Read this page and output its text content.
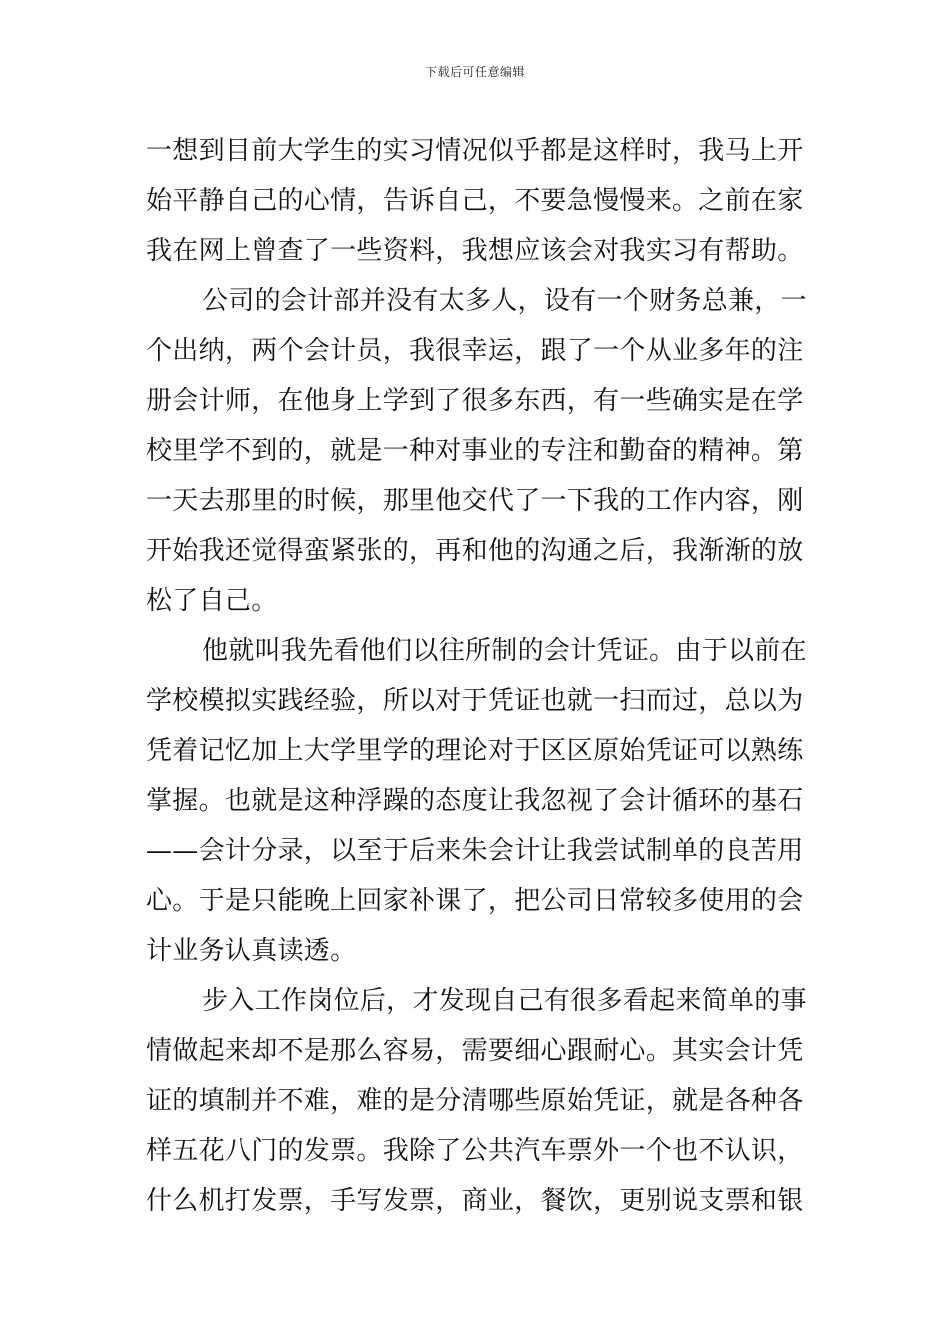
下载后可任意编辑
一想到目前大学生的实习情况似乎都是这样时，我马上开
始平静自己的心情，告诉自己，不要急慢慢来。之前在家
我在网上曾查了一些资料，我想应该会对我实习有帮助。
公司的会计部并没有太多人，设有一个财务总兼，一
个出纳，两个会计员，我很幸运，跟了一个从业多年的注
册会计师，在他身上学到了很多东西，有一些确实是在学
校里学不到的，就是一种对事业的专注和勤奋的精神。第
一天去那里的时候，那里他交代了一下我的工作内容，刚
开始我还觉得蛮紧张的，再和他的沟通之后，我渐渐的放
松了自己。
他就叫我先看他们以往所制的会计凭证。由于以前在
学校模拟实践经验，所以对于凭证也就一扫而过，总以为
凭着记忆加上大学里学的理论对于区区原始凭证可以熟练
掌握。也就是这种浮躁的态度让我忽视了会计循环的基石
——会计分录，以至于后来朱会计让我尝试制单的良苦用
心。于是只能晚上回家补课了，把公司日常较多使用的会
计业务认真读透。
步入工作岗位后，才发现自己有很多看起来简单的事
情做起来却不是那么容易，需要细心跟耐心。其实会计凭
证的填制并不难，难的是分清哪些原始凭证，就是各种各
样五花八门的发票。我除了公共汽车票外一个也不认识，
什么机打发票，手写发票，商业，餐饮，更别说支票和银
